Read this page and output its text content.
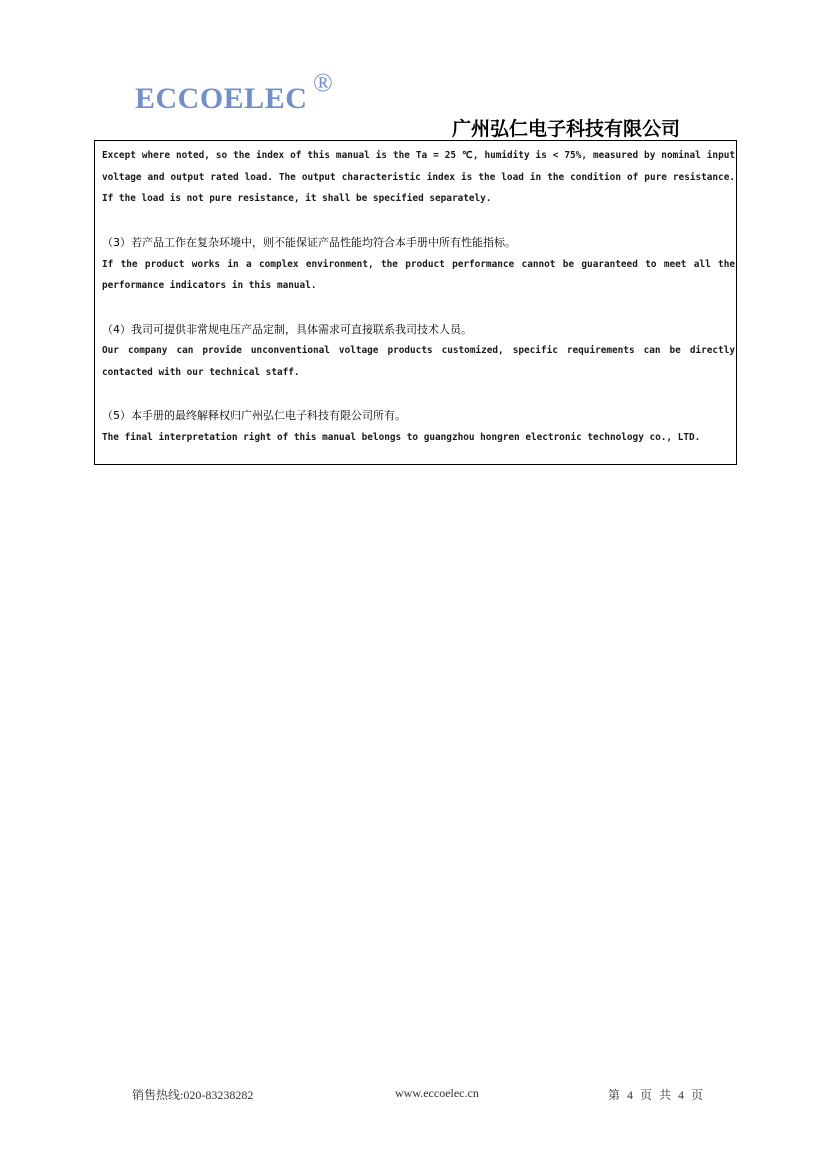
ECCOELEC ®
广州弘仁电子科技有限公司

Except where noted, so the index of this manual is the Ta = 25 ℃, humidity is < 75%, measured by nominal input voltage and output rated load. The output characteristic index is the load in the condition of pure resistance. If the load is not pure resistance, it shall be specified separately.

（3）若产品工作在复杂环境中，则不能保证产品性能均符合本手册中所有性能指标。

If the product works in a complex environment, the product performance cannot be guaranteed to meet all the performance indicators in this manual.

（4）我司可提供非常规电压产品定制，具体需求可直接联系我司技术人员。

Our company can provide unconventional voltage products customized, specific requirements can be directly contacted with our technical staff.

（5）本手册的最终解释权归广州弘仁电子科技有限公司所有。

The final interpretation right of this manual belongs to guangzhou hongren electronic technology co., LTD.

销售热线:020-83238282	www.eccoelec.cn	第 4 页 共 4 页
